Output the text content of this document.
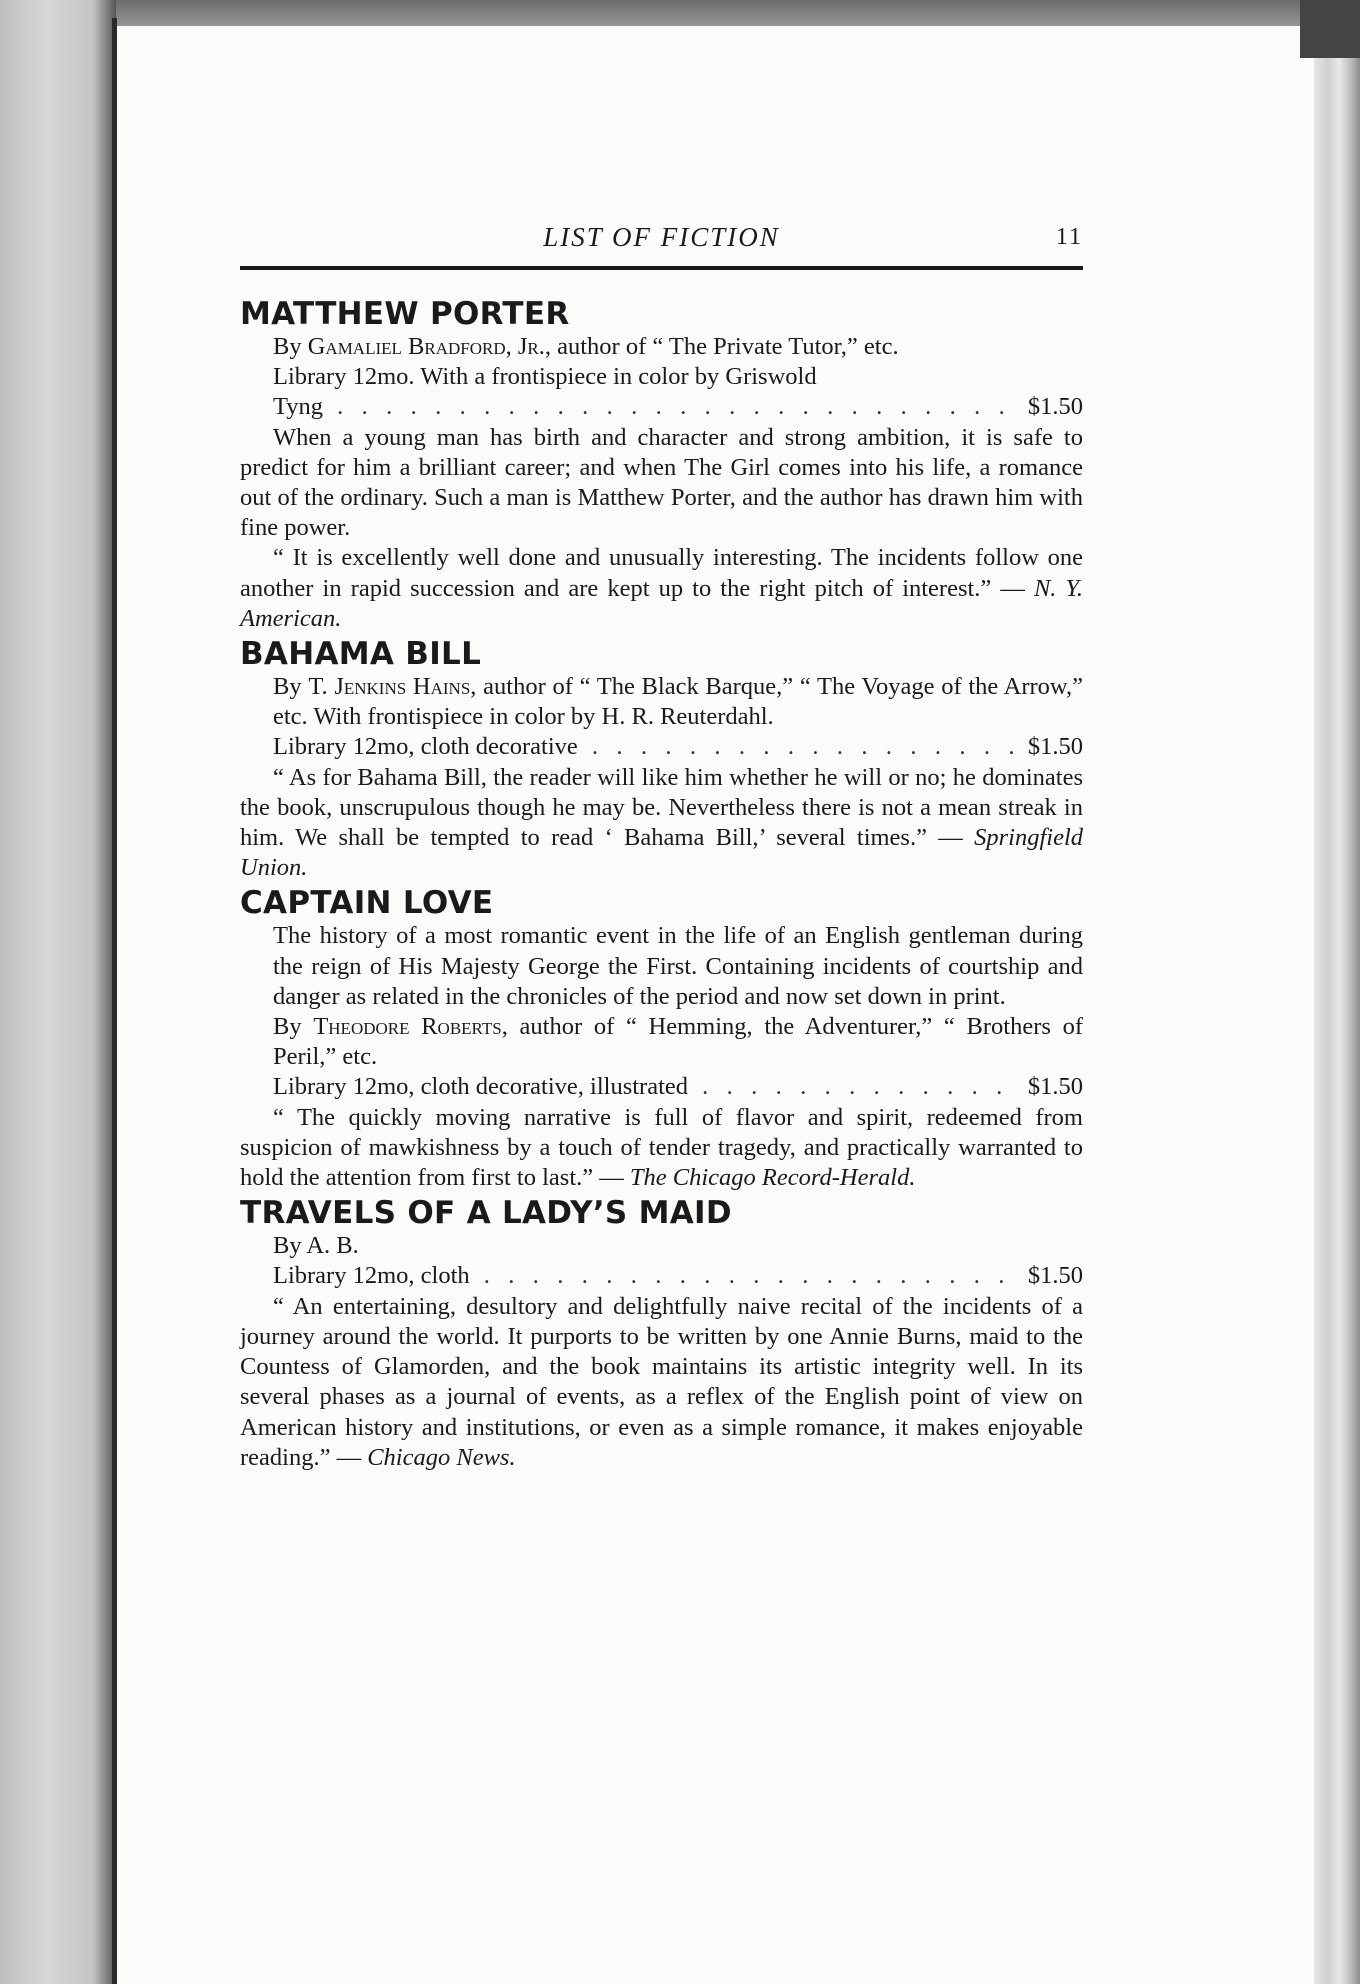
LIST OF FICTION	11
MATTHEW PORTER

By Gamaliel Bradford, Jr., author of “ The Private Tutor,” etc.

Library 12mo. With a frontispiece in color by Griswold

Tyng . .	$1.50

When a young man has birth and character and strong ambition, it is safe to predict for him a brilliant career; and when The Girl comes into his life, a romance out of the ordinary. Such a man is Matthew Porter, and the author has drawn him with fine power.

“ It is excellently well done and unusually interesting. The incidents follow one another in rapid succession and are kept up to the right pitch of interest.” — N. Y. American.

BAHAMA BILL

By T. Jenkins Hains, author of “ The Black Barque,” “ The Voyage of the Arrow,” etc. With frontispiece in color by H. R. Reuterdahl.

Library 12mo, cloth decorative . .	$1.50

“ As for Bahama Bill, the reader will like him whether he will or no; he dominates the book, unscrupulous though he may be. Nevertheless there is not a mean streak in him. We shall be tempted to read ‘ Bahama Bill,’ several times.” — Springfield Union.

CAPTAIN LOVE

The history of a most romantic event in the life of an English gentleman during the reign of His Majesty George the First. Containing incidents of courtship and danger as related in the chronicles of the period and now set down in print.

By Theodore Roberts, author of “ Hemming, the Adventurer,” “ Brothers of Peril,” etc.

Library 12mo, cloth decorative, illustrated . .	$1.50

“ The quickly moving narrative is full of flavor and spirit, redeemed from suspicion of mawkishness by a touch of tender tragedy, and practically warranted to hold the attention from first to last.” — The Chicago Record-Herald.

TRAVELS OF A LADY’S MAID

By A. B.

Library 12mo, cloth . .	$1.50

“ An entertaining, desultory and delightfully naive recital of the incidents of a journey around the world. It purports to be written by one Annie Burns, maid to the Countess of Glamorden, and the book maintains its artistic integrity well. In its several phases as a journal of events, as a reflex of the English point of view on American history and institutions, or even as a simple romance, it makes enjoyable reading.” — Chicago News.
